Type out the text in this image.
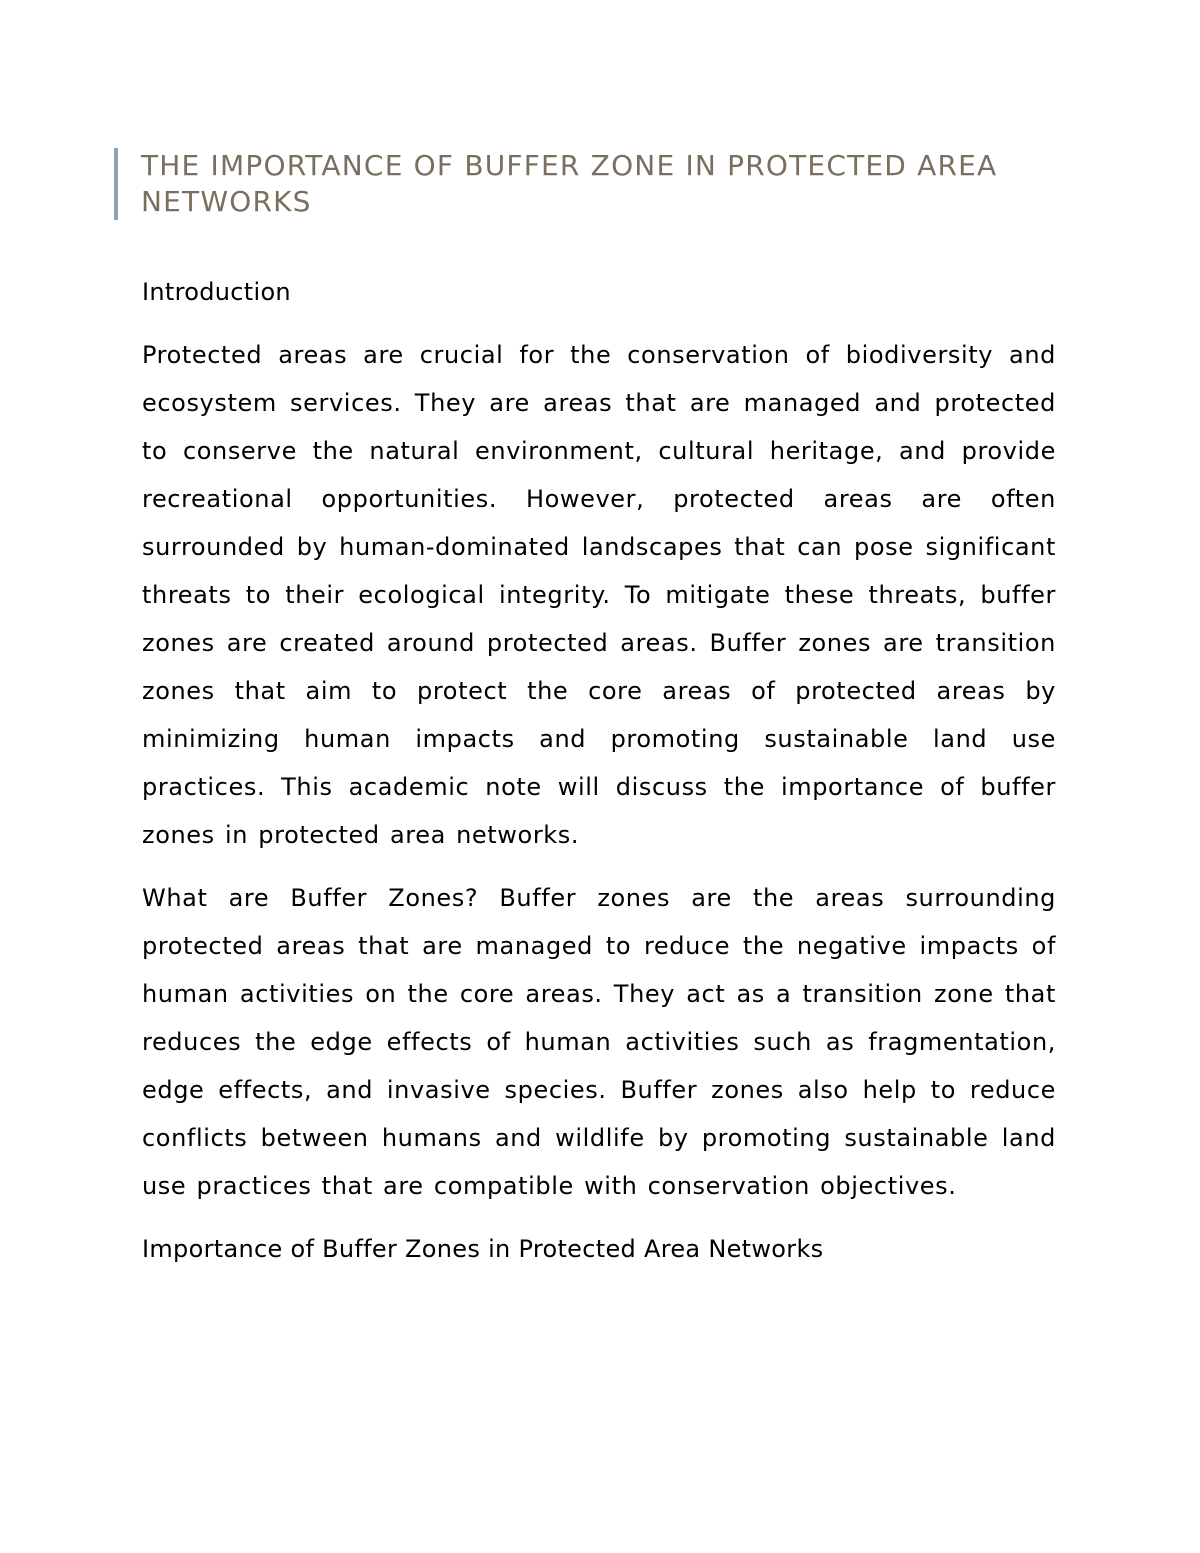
THE IMPORTANCE OF BUFFER ZONE IN PROTECTED AREA NETWORKS

Introduction

Protected areas are crucial for the conservation of biodiversity and ecosystem services. They are areas that are managed and protected to conserve the natural environment, cultural heritage, and provide recreational opportunities. However, protected areas are often surrounded by human-dominated landscapes that can pose significant threats to their ecological integrity. To mitigate these threats, buffer zones are created around protected areas. Buffer zones are transition zones that aim to protect the core areas of protected areas by minimizing human impacts and promoting sustainable land use practices. This academic note will discuss the importance of buffer zones in protected area networks.

What are Buffer Zones? Buffer zones are the areas surrounding protected areas that are managed to reduce the negative impacts of human activities on the core areas. They act as a transition zone that reduces the edge effects of human activities such as fragmentation, edge effects, and invasive species. Buffer zones also help to reduce conflicts between humans and wildlife by promoting sustainable land use practices that are compatible with conservation objectives.

Importance of Buffer Zones in Protected Area Networks
